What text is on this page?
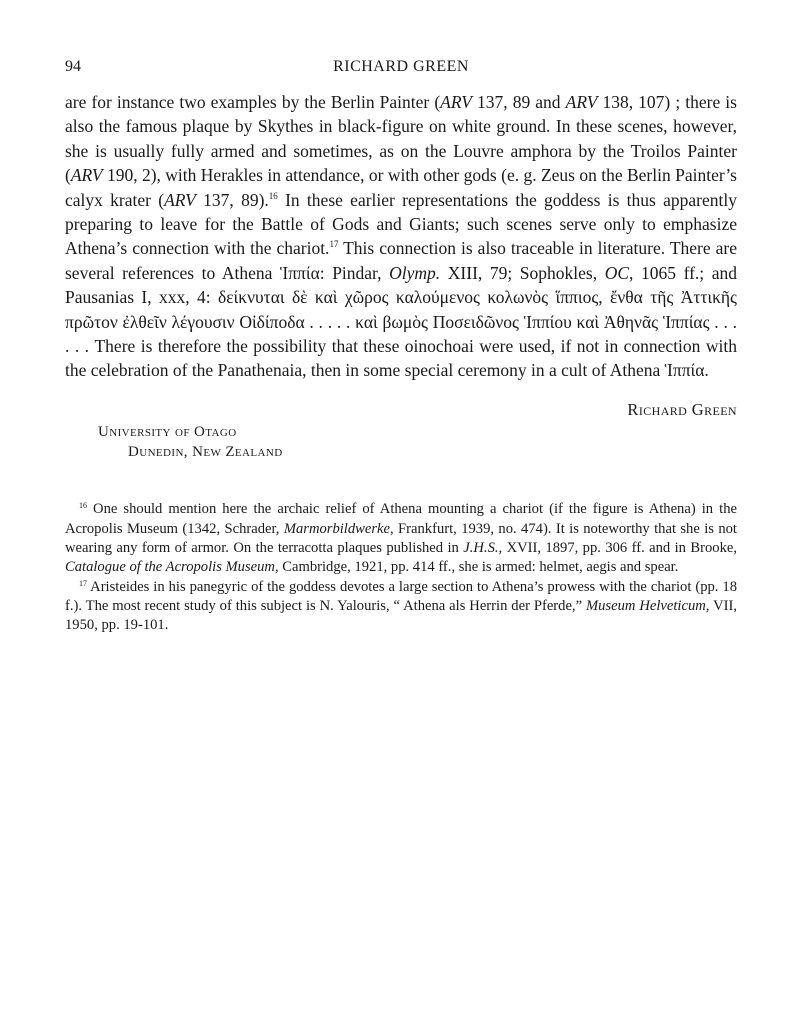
94	RICHARD GREEN

are for instance two examples by the Berlin Painter (ARV 137, 89 and ARV 138, 107) ; there is also the famous plaque by Skythes in black-figure on white ground. In these scenes, however, she is usually fully armed and sometimes, as on the Louvre amphora by the Troilos Painter (ARV 190, 2), with Herakles in attendance, or with other gods (e. g. Zeus on the Berlin Painter’s calyx krater (ARV 137, 89).$^{16}$ In these earlier representations the goddess is thus apparently preparing to leave for the Battle of Gods and Giants; such scenes serve only to emphasize Athena’s connection with the chariot.$^{17}$ This connection is also traceable in literature. There are several references to Athena Ἱππία: Pindar, Olymp. XIII, 79; Sophokles, OC, 1065 ff.; and Pausanias I, xxx, 4: δείκνυται δὲ καὶ χῶρος καλούμενος κολωνὸς ἵππιος, ἔνθα τῆς Ἀττικῆς πρῶτον ἐλθεῖν λέγουσιν Οἰδίποδα . . . . . καὶ βωμὸς Ποσειδῶνος Ἱππίου καὶ Ἀθηνᾶς Ἱππίας . . . . . . There is therefore the possibility that these oinochoai were used, if not in connection with the celebration of the Panathenaia, then in some special ceremony in a cult of Athena Ἱππία.

Richard Green
University of Otago
Dunedin, New Zealand

$^{16}$ One should mention here the archaic relief of Athena mounting a chariot (if the figure is Athena) in the Acropolis Museum (1342, Schrader, Marmorbildwerke, Frankfurt, 1939, no. 474). It is noteworthy that she is not wearing any form of armor. On the terracotta plaques published in J.H.S., XVII, 1897, pp. 306 ff. and in Brooke, Catalogue of the Acropolis Museum, Cambridge, 1921, pp. 414 ff., she is armed: helmet, aegis and spear.

$^{17}$ Aristeides in his panegyric of the goddess devotes a large section to Athena’s prowess with the chariot (pp. 18 f.). The most recent study of this subject is N. Yalouris, “ Athena als Herrin der Pferde,” Museum Helveticum, VII, 1950, pp. 19-101.
